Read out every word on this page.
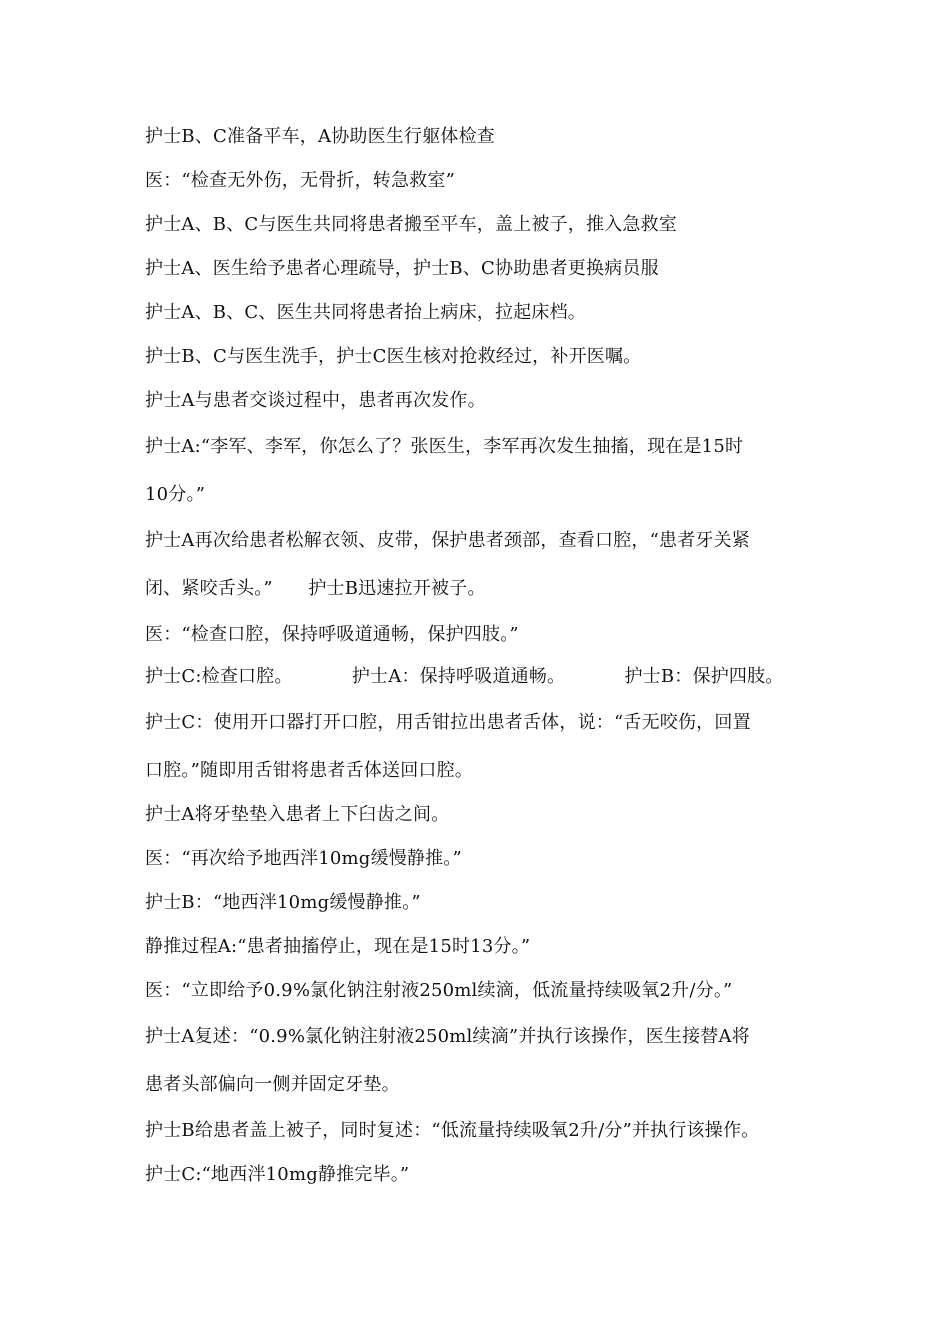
护士B、C准备平车，A协助医生行躯体检查
医：“检查无外伤，无骨折，转急救室”
护士A、B、C与医生共同将患者搬至平车，盖上被子，推入急救室
护士A、医生给予患者心理疏导，护士B、C协助患者更换病员服
护士A、B、C、医生共同将患者抬上病床，拉起床档。
护士B、C与医生洗手，护士C医生核对抢救经过，补开医嘱。
护士A与患者交谈过程中，患者再次发作。
护士A:“李军、李军，你怎么了？张医生，李军再次发生抽搐，现在是15时
10分。”
护士A再次给患者松解衣领、皮带，保护患者颈部，查看口腔，“患者牙关紧
闭、紧咬舌头。”      护士B迅速拉开被子。
医：“检查口腔，保持呼吸道通畅，保护四肢。”
护士C:检查口腔。          护士A：保持呼吸道通畅。          护士B：保护四肢。
护士C：使用开口器打开口腔，用舌钳拉出患者舌体，说：“舌无咬伤，回置
口腔。”随即用舌钳将患者舌体送回口腔。
护士A将牙垫垫入患者上下臼齿之间。
医：“再次给予地西泮10mg缓慢静推。”
护士B：“地西泮10mg缓慢静推。”
静推过程A:“患者抽搐停止，现在是15时13分。”
医：“立即给予0.9%氯化钠注射液250ml续滴，低流量持续吸氧2升/分。”
护士A复述：“0.9%氯化钠注射液250ml续滴”并执行该操作，医生接替A将
患者头部偏向一侧并固定牙垫。
护士B给患者盖上被子，同时复述：“低流量持续吸氧2升/分”并执行该操作。
护士C:“地西泮10mg静推完毕。”
